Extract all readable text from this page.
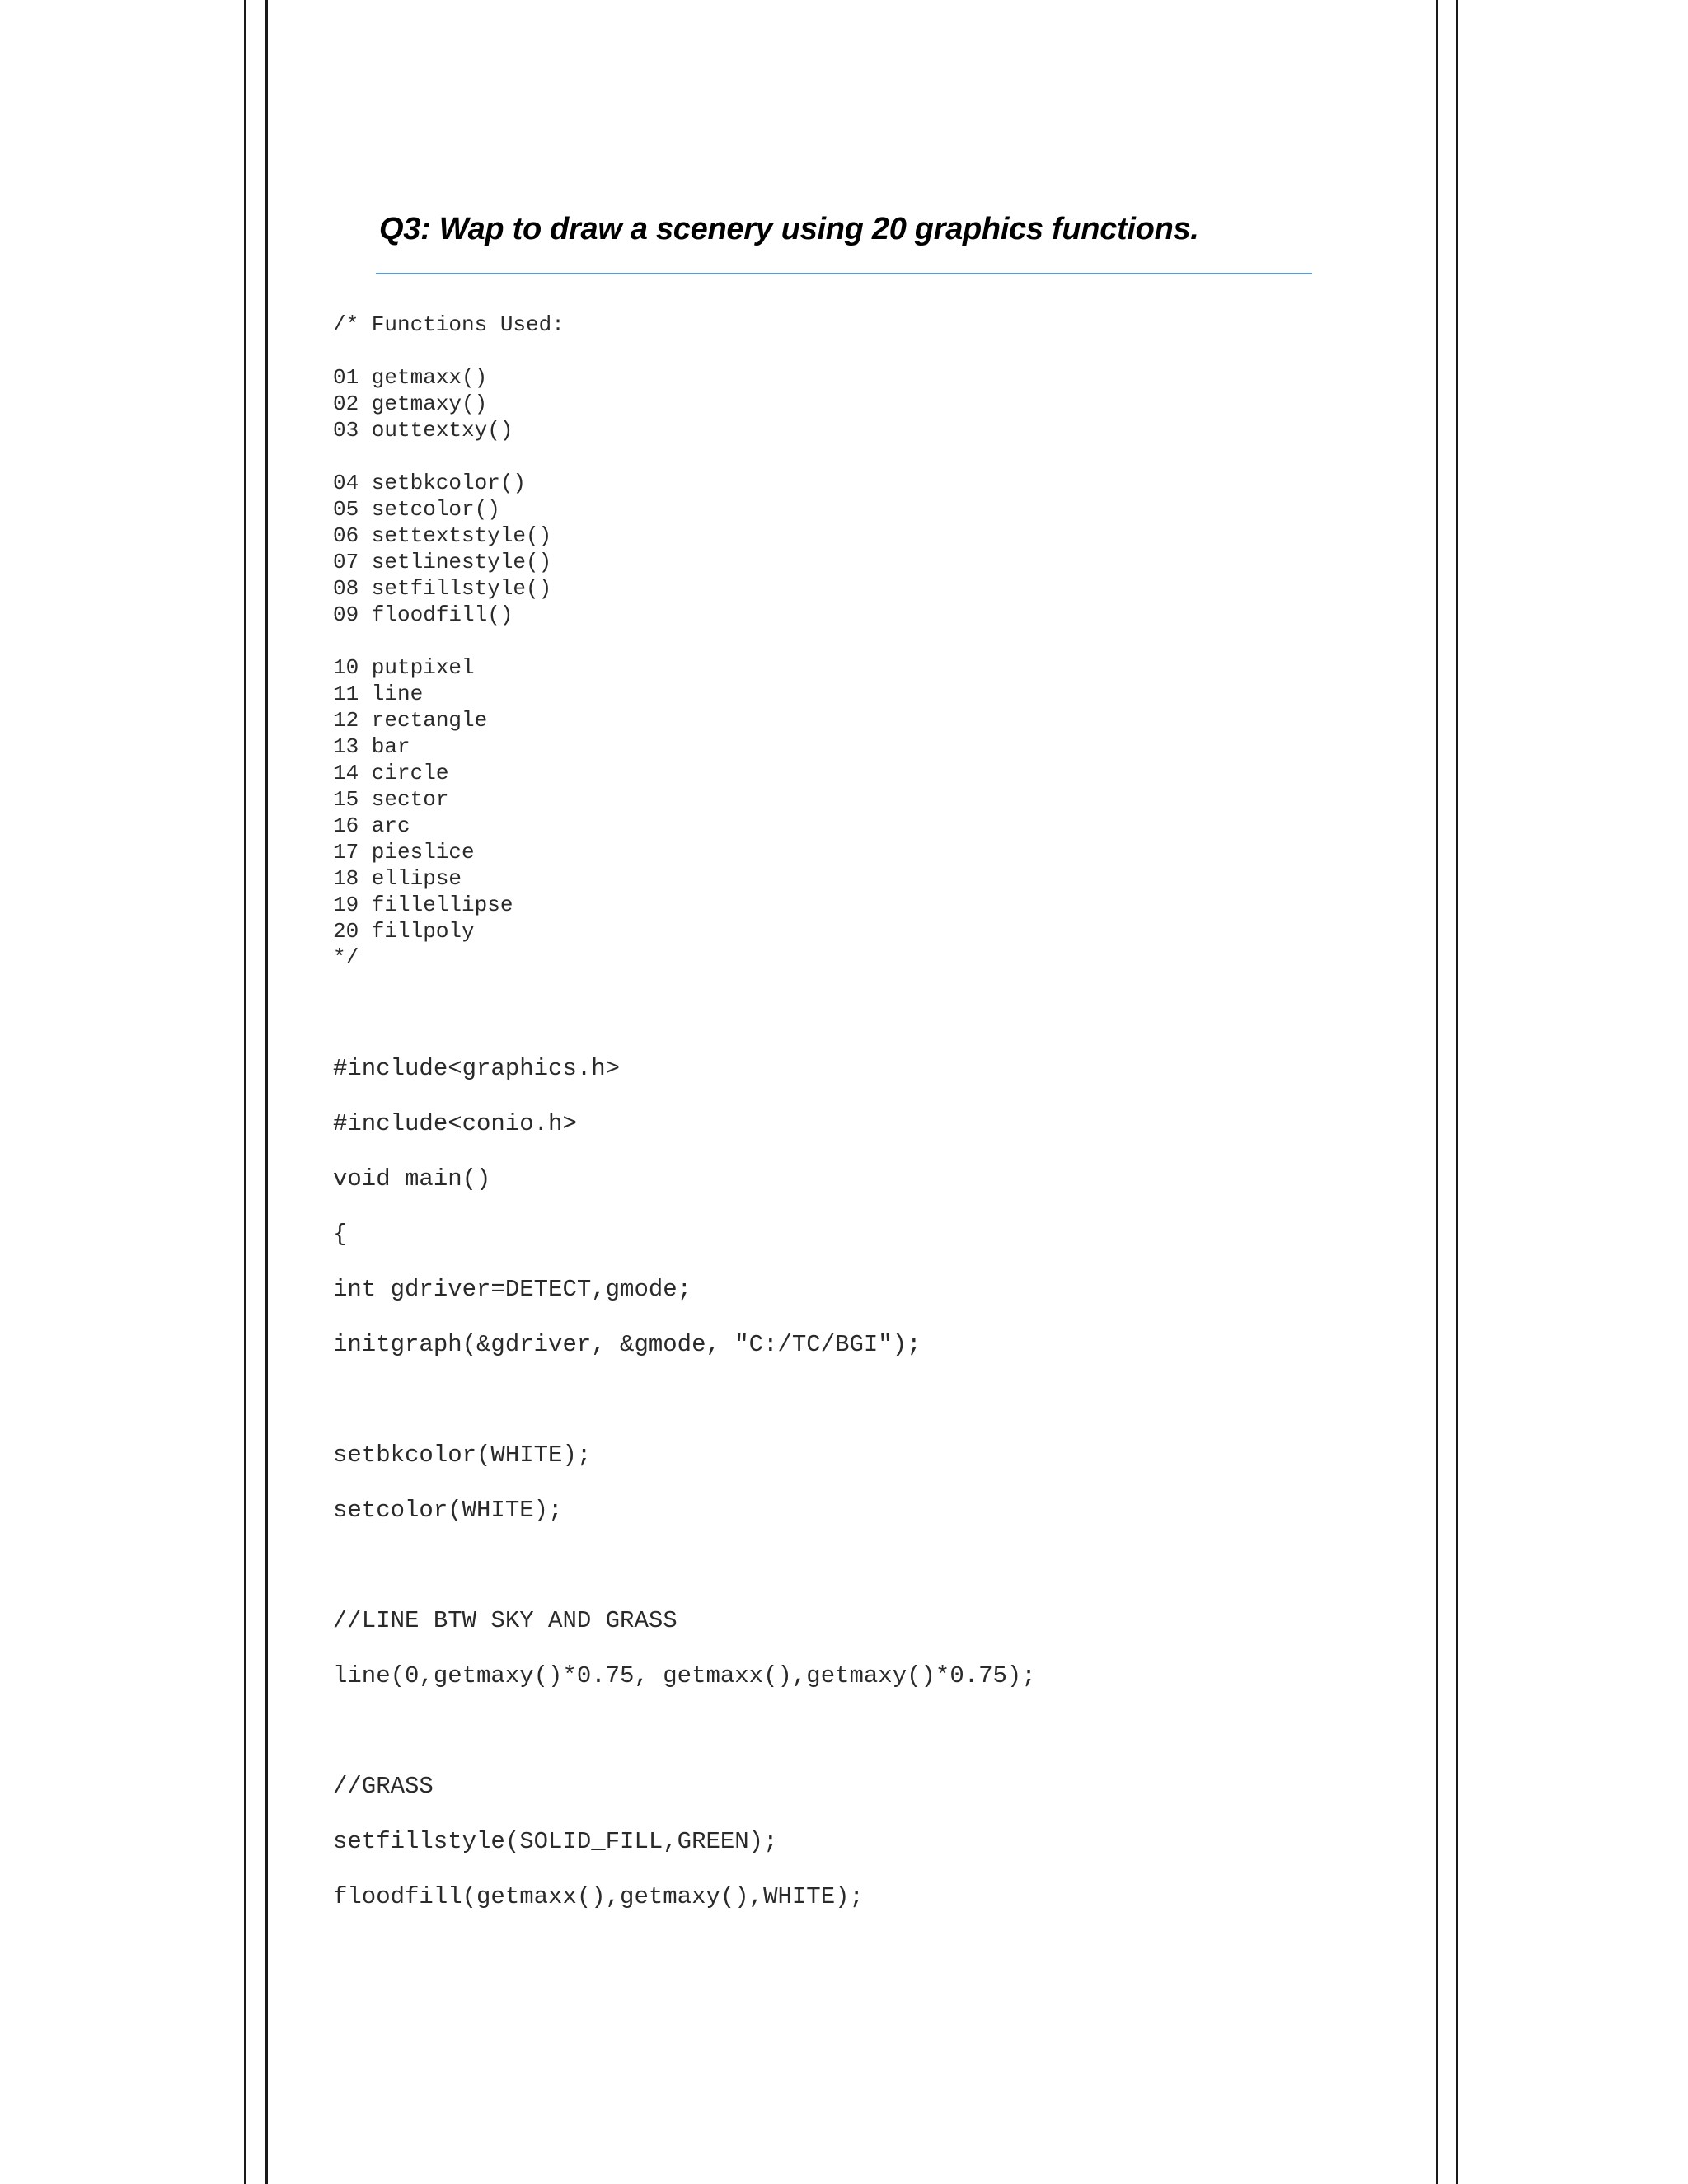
Q3: Wap to draw a scenery using 20 graphics functions.
/* Functions Used:
01 getmaxx()
02 getmaxy()
03 outtextxy()
04 setbkcolor()
05 setcolor()
06 settextstyle()
07 setlinestyle()
08 setfillstyle()
09 floodfill()
10 putpixel
11 line
12 rectangle
13 bar
14 circle
15 sector
16 arc
17 pieslice
18 ellipse
19 fillellipse
20 fillpoly
*/
#include<graphics.h>
#include<conio.h>
void main()
{
int gdriver=DETECT,gmode;
initgraph(&gdriver, &gmode, "C:/TC/BGI");
setbkcolor(WHITE);
setcolor(WHITE);
//LINE BTW SKY AND GRASS
line(0,getmaxy()*0.75, getmaxx(),getmaxy()*0.75);
//GRASS
setfillstyle(SOLID_FILL,GREEN);
floodfill(getmaxx(),getmaxy(),WHITE);
